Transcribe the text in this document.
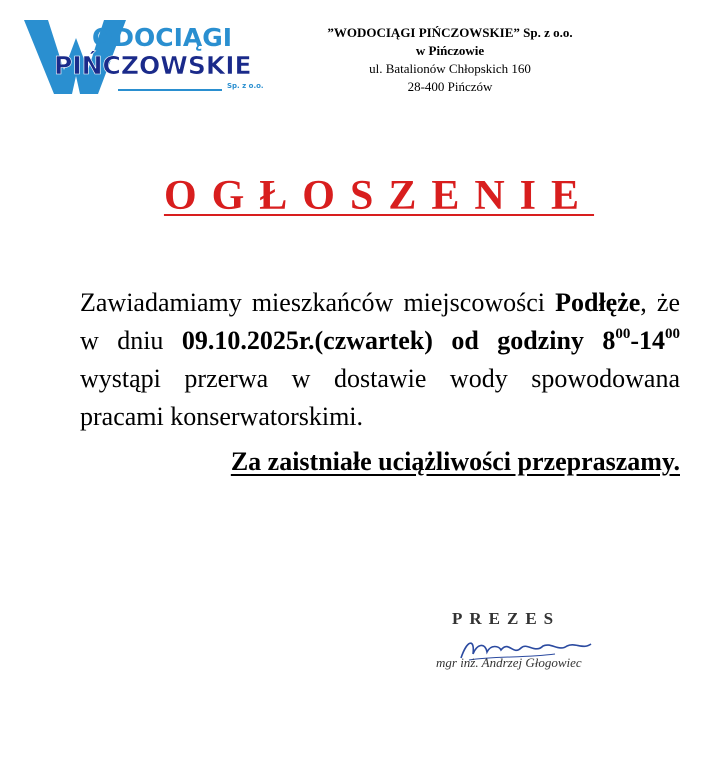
ODOCIĄGI
PIŃCZOWSKIE
Sp. z o.o.
”WODOCIĄGI PIŃCZOWSKIE” Sp. z o.o.
w Pińczowie
ul. Batalionów Chłopskich 160
28-400 Pińczów
OGŁOSZENIE
Zawiadamiamy mieszkańców miejscowości Podłęże, że w dniu 09.10.2025r.(czwartek) od godziny $8^{00}-14^{00}$ wystąpi przerwa w dostawie wody spowodowana pracami konserwatorskimi.
Za zaistniałe uciążliwości przepraszamy.
PREZES
mgr inż. Andrzej Głogowiec
